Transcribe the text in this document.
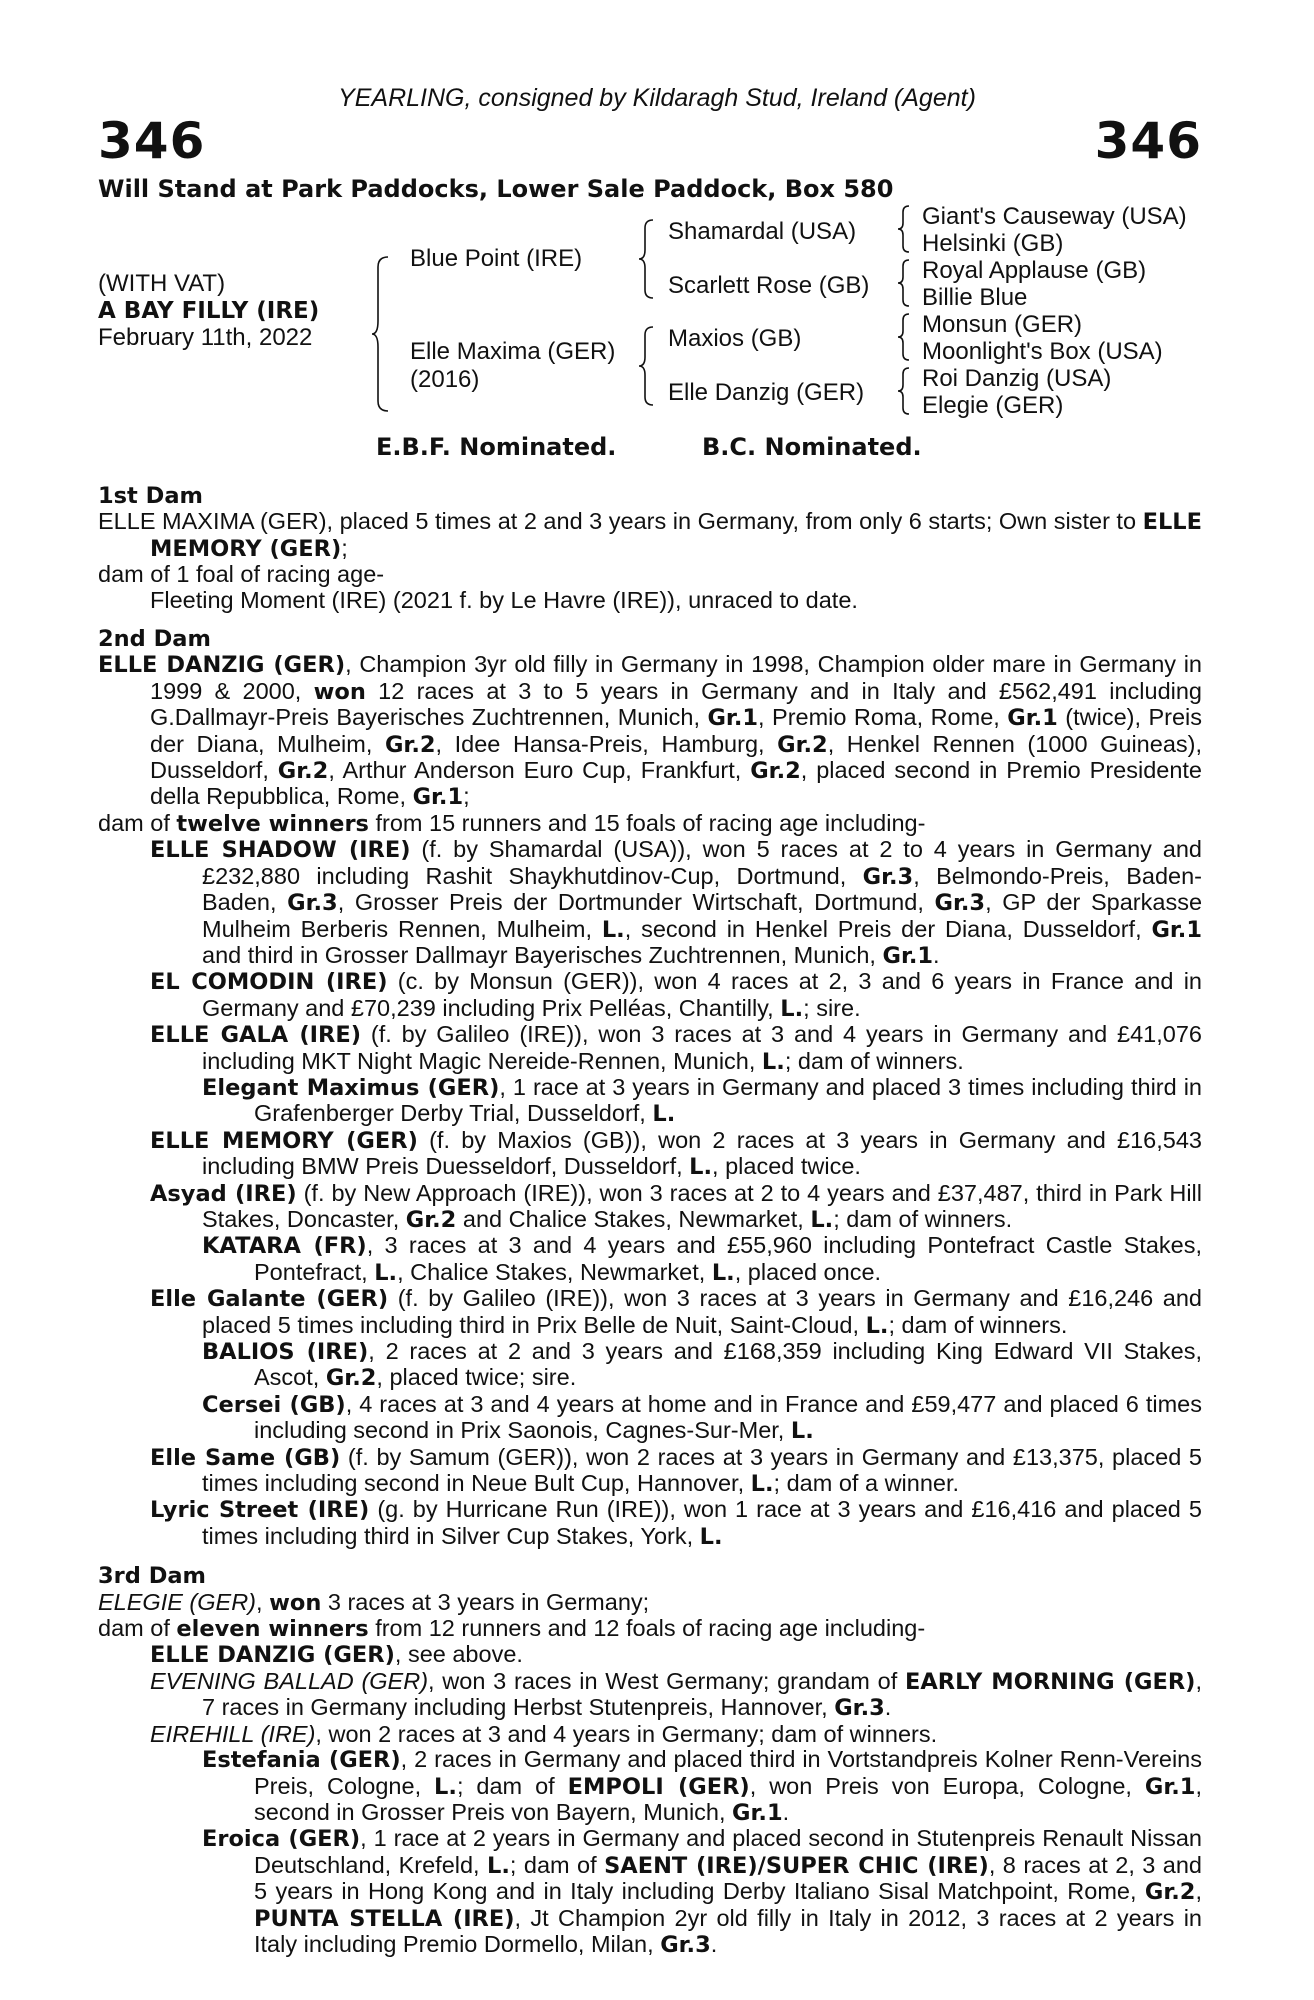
YEARLING, consigned by Kildaragh Stud, Ireland (Agent)
346	346
Will Stand at Park Paddocks, Lower Sale Paddock, Box 580
(WITH VAT)
A BAY FILLY (IRE)
February 11th, 2022
Blue Point (IRE)
Elle Maxima (GER)
(2016)
Shamardal (USA)
Scarlett Rose (GB)
Maxios (GB)
Elle Danzig (GER)
Giant's Causeway (USA)
Helsinki (GB)
Royal Applause (GB)
Billie Blue
Monsun (GER)
Moonlight's Box (USA)
Roi Danzig (USA)
Elegie (GER)
E.B.F. Nominated.	B.C. Nominated.
1st Dam
ELLE MAXIMA (GER), placed 5 times at 2 and 3 years in Germany, from only 6 starts; Own sister to ELLE MEMORY (GER);
dam of 1 foal of racing age-
Fleeting Moment (IRE) (2021 f. by Le Havre (IRE)), unraced to date.
2nd Dam
ELLE DANZIG (GER), Champion 3yr old filly in Germany in 1998, Champion older mare in Germany in 1999 & 2000, won 12 races at 3 to 5 years in Germany and in Italy and £562,491 including G.Dallmayr-Preis Bayerisches Zuchtrennen, Munich, Gr.1, Premio Roma, Rome, Gr.1 (twice), Preis der Diana, Mulheim, Gr.2, Idee Hansa-Preis, Hamburg, Gr.2, Henkel Rennen (1000 Guineas), Dusseldorf, Gr.2, Arthur Anderson Euro Cup, Frankfurt, Gr.2, placed second in Premio Presidente della Repubblica, Rome, Gr.1;
dam of twelve winners from 15 runners and 15 foals of racing age including-
ELLE SHADOW (IRE) (f. by Shamardal (USA)), won 5 races at 2 to 4 years in Germany and £232,880 including Rashit Shaykhutdinov-Cup, Dortmund, Gr.3, Belmondo-Preis, Baden-Baden, Gr.3, Grosser Preis der Dortmunder Wirtschaft, Dortmund, Gr.3, GP der Sparkasse Mulheim Berberis Rennen, Mulheim, L., second in Henkel Preis der Diana, Dusseldorf, Gr.1 and third in Grosser Dallmayr Bayerisches Zuchtrennen, Munich, Gr.1.
EL COMODIN (IRE) (c. by Monsun (GER)), won 4 races at 2, 3 and 6 years in France and in Germany and £70,239 including Prix Pelléas, Chantilly, L.; sire.
ELLE GALA (IRE) (f. by Galileo (IRE)), won 3 races at 3 and 4 years in Germany and £41,076 including MKT Night Magic Nereide-Rennen, Munich, L.; dam of winners.
Elegant Maximus (GER), 1 race at 3 years in Germany and placed 3 times including third in Grafenberger Derby Trial, Dusseldorf, L.
ELLE MEMORY (GER) (f. by Maxios (GB)), won 2 races at 3 years in Germany and £16,543 including BMW Preis Duesseldorf, Dusseldorf, L., placed twice.
Asyad (IRE) (f. by New Approach (IRE)), won 3 races at 2 to 4 years and £37,487, third in Park Hill Stakes, Doncaster, Gr.2 and Chalice Stakes, Newmarket, L.; dam of winners.
KATARA (FR), 3 races at 3 and 4 years and £55,960 including Pontefract Castle Stakes, Pontefract, L., Chalice Stakes, Newmarket, L., placed once.
Elle Galante (GER) (f. by Galileo (IRE)), won 3 races at 3 years in Germany and £16,246 and placed 5 times including third in Prix Belle de Nuit, Saint-Cloud, L.; dam of winners.
BALIOS (IRE), 2 races at 2 and 3 years and £168,359 including King Edward VII Stakes, Ascot, Gr.2, placed twice; sire.
Cersei (GB), 4 races at 3 and 4 years at home and in France and £59,477 and placed 6 times including second in Prix Saonois, Cagnes-Sur-Mer, L.
Elle Same (GB) (f. by Samum (GER)), won 2 races at 3 years in Germany and £13,375, placed 5 times including second in Neue Bult Cup, Hannover, L.; dam of a winner.
Lyric Street (IRE) (g. by Hurricane Run (IRE)), won 1 race at 3 years and £16,416 and placed 5 times including third in Silver Cup Stakes, York, L.
3rd Dam
ELEGIE (GER), won 3 races at 3 years in Germany;
dam of eleven winners from 12 runners and 12 foals of racing age including-
ELLE DANZIG (GER), see above.
EVENING BALLAD (GER), won 3 races in West Germany; grandam of EARLY MORNING (GER), 7 races in Germany including Herbst Stutenpreis, Hannover, Gr.3.
EIREHILL (IRE), won 2 races at 3 and 4 years in Germany; dam of winners.
Estefania (GER), 2 races in Germany and placed third in Vortstandpreis Kolner Renn-Vereins Preis, Cologne, L.; dam of EMPOLI (GER), won Preis von Europa, Cologne, Gr.1, second in Grosser Preis von Bayern, Munich, Gr.1.
Eroica (GER), 1 race at 2 years in Germany and placed second in Stutenpreis Renault Nissan Deutschland, Krefeld, L.; dam of SAENT (IRE)/SUPER CHIC (IRE), 8 races at 2, 3 and 5 years in Hong Kong and in Italy including Derby Italiano Sisal Matchpoint, Rome, Gr.2, PUNTA STELLA (IRE), Jt Champion 2yr old filly in Italy in 2012, 3 races at 2 years in Italy including Premio Dormello, Milan, Gr.3.
